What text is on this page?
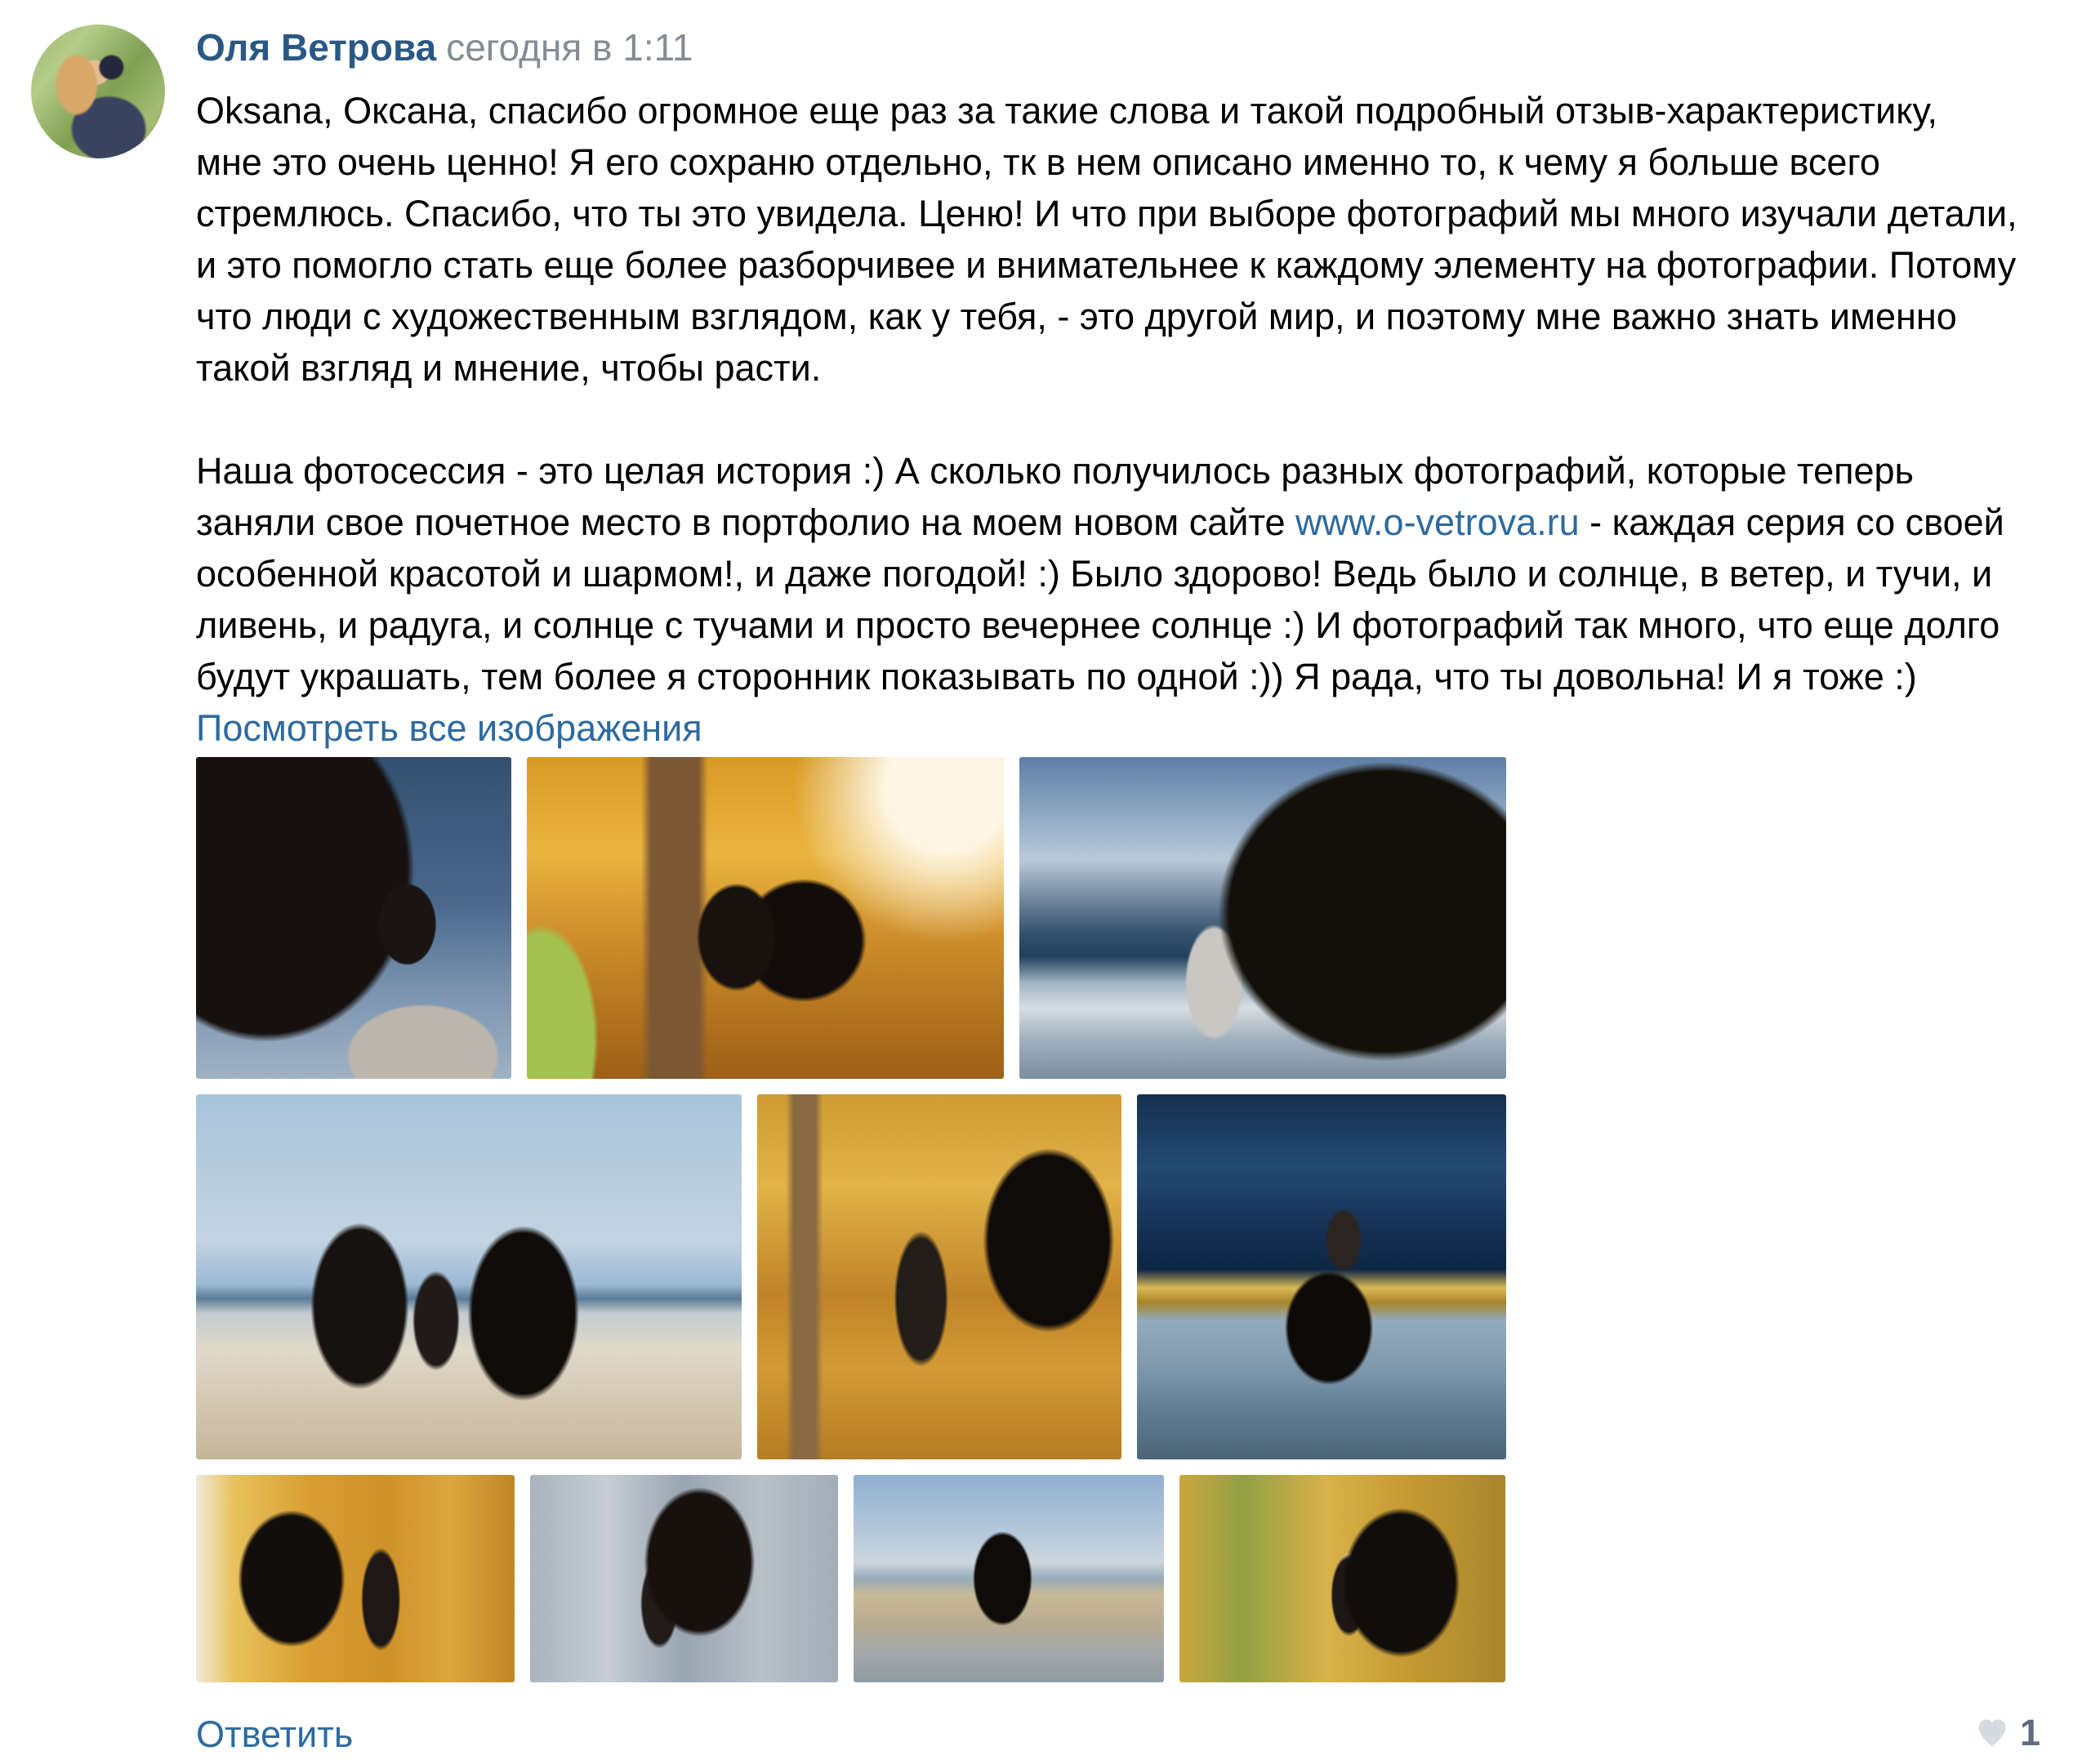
Оля Ветрова сегодня в 1:11
Oksana, Оксана, спасибо огромное еще раз за такие слова и такой подробный отзыв-характеристику,
мне это очень ценно! Я его сохраню отдельно, тк в нем описано именно то, к чему я больше всего
стремлюсь. Спасибо, что ты это увидела. Ценю! И что при выборе фотографий мы много изучали детали,
и это помогло стать еще более разборчивее и внимательнее к каждому элементу на фотографии. Потому
что люди с художественным взглядом, как у тебя, - это другой мир, и поэтому мне важно знать именно
такой взгляд и мнение, чтобы расти.
Наша фотосессия - это целая история :) А сколько получилось разных фотографий, которые теперь
заняли свое почетное место в портфолио на моем новом сайте www.o-vetrova.ru - каждая серия со своей
особенной красотой и шармом!, и даже погодой! :) Было здорово! Ведь было и солнце, в ветер, и тучи, и
ливень, и радуга, и солнце с тучами и просто вечернее солнце :) И фотографий так много, что еще долго
будут украшать, тем более я сторонник показывать по одной :)) Я рада, что ты довольна! И я тоже :)
Посмотреть все изображения
Ответить	1
